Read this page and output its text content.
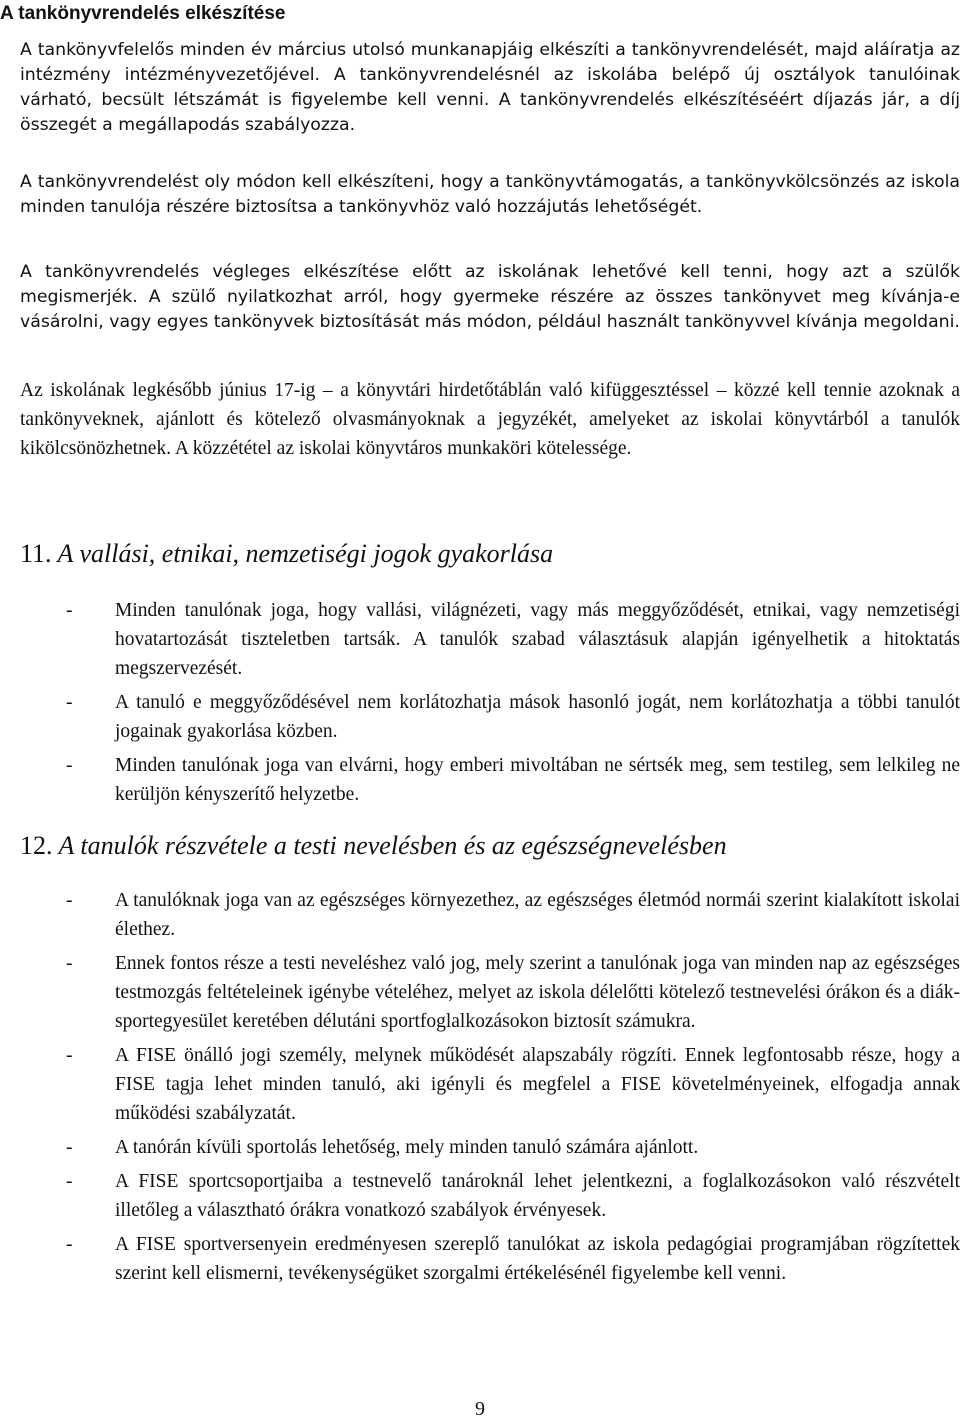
A tankönyvrendelés elkészítése

A tankönyvfelelős minden év március utolsó munkanapjáig elkészíti a tankönyvrendelését, majd aláíratja az intézmény intézményvezetőjével. A tankönyvrendelésnél az iskolába belépő új osztályok tanulóinak várható, becsült létszámát is figyelembe kell venni. A tankönyvrendelés elkészítéséért díjazás jár, a díj összegét a megállapodás szabályozza.

A tankönyvrendelést oly módon kell elkészíteni, hogy a tankönyvtámogatás, a tankönyvkölcsönzés az iskola minden tanulója részére biztosítsa a tankönyvhöz való hozzájutás lehetőségét.

A tankönyvrendelés végleges elkészítése előtt az iskolának lehetővé kell tenni, hogy azt a szülők megismerjék. A szülő nyilatkozhat arról, hogy gyermeke részére az összes tankönyvet meg kívánja-e vásárolni, vagy egyes tankönyvek biztosítását más módon, például használt tankönyvvel kívánja megoldani.

Az iskolának legkésőbb június 17-ig – a könyvtári hirdetőtáblán való kifüggesztéssel – közzé kell tennie azoknak a tankönyveknek, ajánlott és kötelező olvasmányoknak a jegyzékét, amelyeket az iskolai könyvtárból a tanulók kikölcsönözhetnek. A közzététel az iskolai könyvtáros munkaköri kötelessége.

11. A vallási, etnikai, nemzetiségi jogok gyakorlása
- Minden tanulónak joga, hogy vallási, világnézeti, vagy más meggyőződését, etnikai, vagy nemzetiségi hovatartozását tiszteletben tartsák. A tanulók szabad választásuk alapján igényelhetik a hitoktatás megszervezését.
- A tanuló e meggyőződésével nem korlátozhatja mások hasonló jogát, nem korlátozhatja a többi tanulót jogainak gyakorlása közben.
- Minden tanulónak joga van elvárni, hogy emberi mivoltában ne sértsék meg, sem testileg, sem lelkileg ne kerüljön kényszerítő helyzetbe.
12. A tanulók részvétele a testi nevelésben és az egészségnevelésben
- A tanulóknak joga van az egészséges környezethez, az egészséges életmód normái szerint kialakított iskolai élethez.
- Ennek fontos része a testi neveléshez való jog, mely szerint a tanulónak joga van minden nap az egészséges testmozgás feltételeinek igénybe vételéhez, melyet az iskola délelőtti kötelező testnevelési órákon és a diák-sportegyesület keretében délutáni sportfoglalkozásokon biztosít számukra.
- A FISE önálló jogi személy, melynek működését alapszabály rögzíti. Ennek legfontosabb része, hogy a FISE tagja lehet minden tanuló, aki igényli és megfelel a FISE követelményeinek, elfogadja annak működési szabályzatát.
- A tanórán kívüli sportolás lehetőség, mely minden tanuló számára ajánlott.
- A FISE sportcsoportjaiba a testnevelő tanároknál lehet jelentkezni, a foglalkozásokon való részvételt illetőleg a választható órákra vonatkozó szabályok érvényesek.
- A FISE sportversenyein eredményesen szereplő tanulókat az iskola pedagógiai programjában rögzítettek szerint kell elismerni, tevékenységüket szorgalmi értékelésénél figyelembe kell venni.

9
